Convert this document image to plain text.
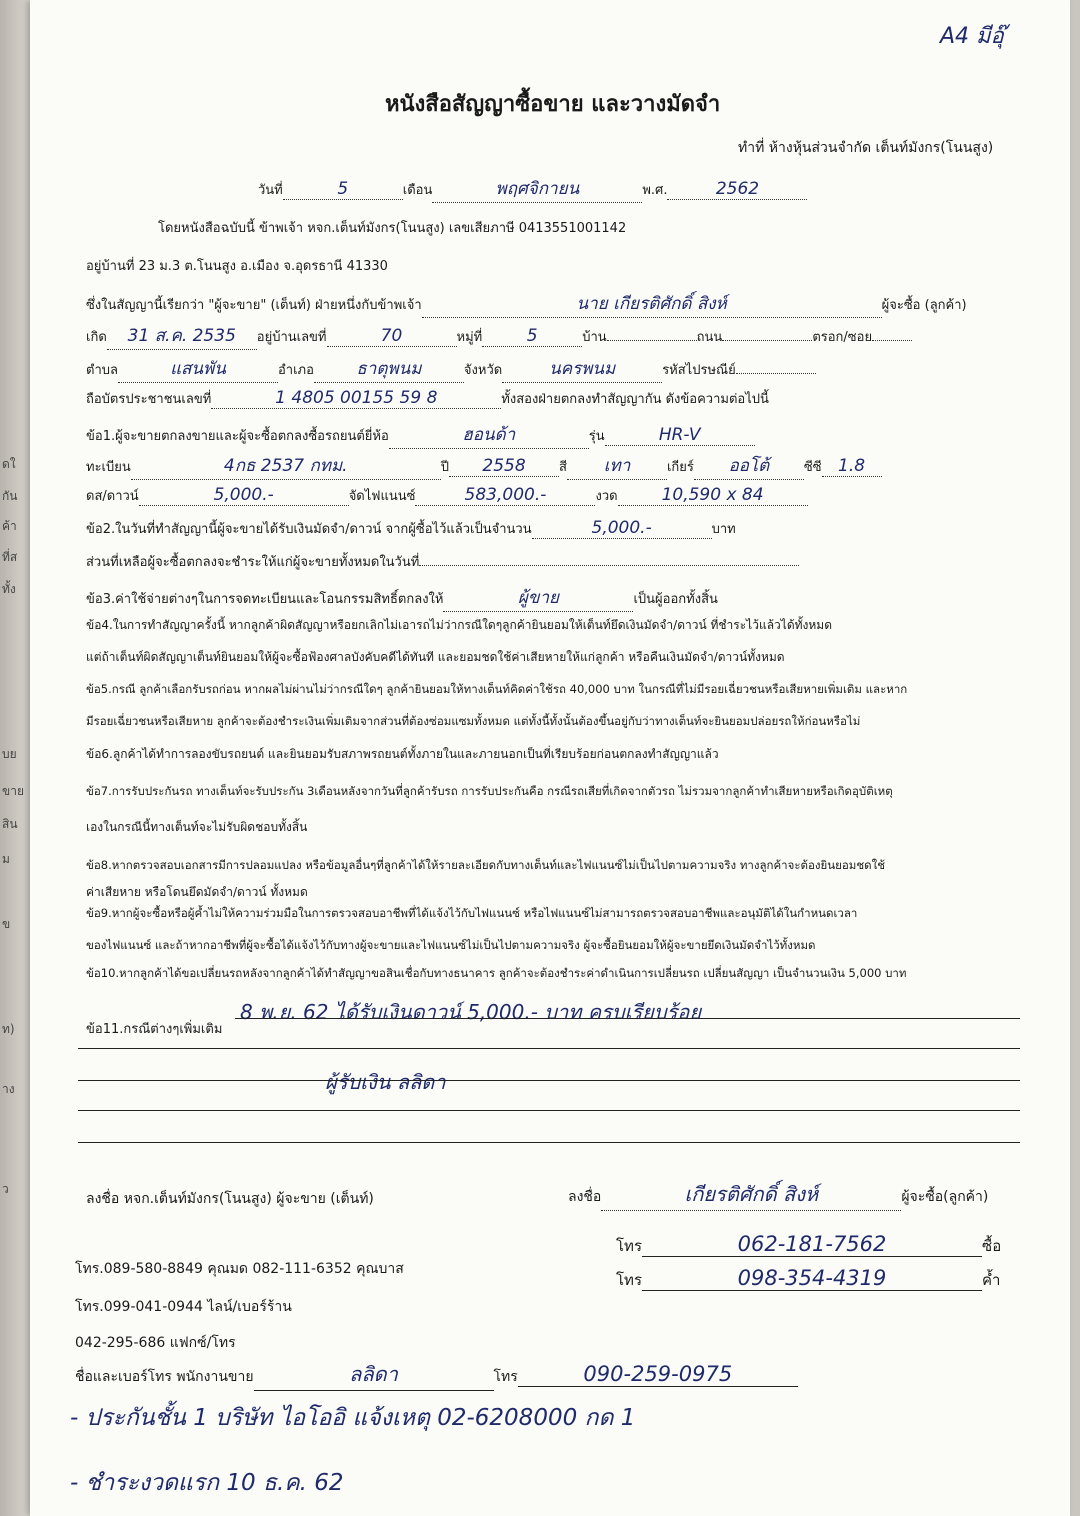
ดใ
กัน
ค้า
ที่ส
ทั้ง
บย
ขาย
สิน
ม
ข
ท)
าง
ว
A4 มีอุ๊
หนังสือสัญญาซื้อขาย และวางมัดจำ
ทำที่ ห้างหุ้นส่วนจำกัด เต็นท์มังกร(โนนสูง)
วันที่	5	เดือน	พฤศจิกายน	พ.ศ.	2562
โดยหนังสือฉบับนี้ ข้าพเจ้า หจก.เต็นท์มังกร(โนนสูง) เลขเสียภาษี 0413551001142
อยู่บ้านที่ 23 ม.3 ต.โนนสูง อ.เมือง จ.อุดรธานี 41330
ซึ่งในสัญญานี้เรียกว่า "ผู้จะขาย" (เต็นท์) ฝ่ายหนึ่งกับข้าพเจ้า	นาย เกียรติศักดิ์ สิงห์	ผู้จะซื้อ (ลูกค้า)
เกิด 31 ส.ค. 2535 อยู่บ้านเลขที่	70	หมู่ที่	5	บ้าน	ถนน	ตรอก/ซอย
ตำบล	แสนพัน	อำเภอ	ธาตุพนม	จังหวัด	นครพนม	รหัสไปรษณีย์
ถือบัตรประชาชนเลขที่	1 4805 00155 59 8	ทั้งสองฝ่ายตกลงทำสัญญากัน ดังข้อความต่อไปนี้
ข้อ1.ผู้จะขายตกลงขายและผู้จะซื้อตกลงซื้อรถยนต์ยี่ห้อ	ฮอนด้า	รุ่น	HR-V
ทะเบียน	4กธ 2537 กทม.	ปี 2558	สี เทา	เกียร์ ออโต้	ซีซี 1.8
ดส/ดาวน์	5,000.-	จัดไฟแนนซ์	583,000.-	งวด	10,590 x 84
ข้อ2.ในวันที่ทำสัญญานี้ผู้จะขายได้รับเงินมัดจำ/ดาวน์ จากผู้ซื้อไว้แล้วเป็นจำนวน	5,000.-	บาท
ส่วนที่เหลือผู้จะซื้อตกลงจะชำระให้แก่ผู้จะขายทั้งหมดในวันที่
ข้อ3.ค่าใช้จ่ายต่างๆในการจดทะเบียนและโอนกรรมสิทธิ์ตกลงให้	ผู้ขาย	เป็นผู้ออกทั้งสิ้น
ข้อ4.ในการทำสัญญาครั้งนี้ หากลูกค้าผิดสัญญาหรือยกเลิกไม่เอารถไม่ว่ากรณีใดๆลูกค้ายินยอมให้เต็นท์ยึดเงินมัดจำ/ดาวน์ ที่ชำระไว้แล้วได้ทั้งหมด
แต่ถ้าเต็นท์ผิดสัญญาเต็นท์ยินยอมให้ผู้จะซื้อฟ้องศาลบังคับคดีได้ทันที และยอมชดใช้ค่าเสียหายให้แก่ลูกค้า หรือคืนเงินมัดจำ/ดาวน์ทั้งหมด
ข้อ5.กรณี ลูกค้าเลือกรับรถก่อน หากผลไม่ผ่านไม่ว่ากรณีใดๆ ลูกค้ายินยอมให้ทางเต็นท์คิดค่าใช้รถ 40,000 บาท ในกรณีที่ไม่มีรอยเฉี่ยวชนหรือเสียหายเพิ่มเติม และหาก
มีรอยเฉี่ยวชนหรือเสียหาย ลูกค้าจะต้องชำระเงินเพิ่มเติมจากส่วนที่ต้องซ่อมแซมทั้งหมด แต่ทั้งนี้ทั้งนั้นต้องขึ้นอยู่กับว่าทางเต็นท์จะยินยอมปล่อยรถให้ก่อนหรือไม่
ข้อ6.ลูกค้าได้ทำการลองขับรถยนต์ และยินยอมรับสภาพรถยนต์ทั้งภายในและภายนอกเป็นที่เรียบร้อยก่อนตกลงทำสัญญาแล้ว
ข้อ7.การรับประกันรถ ทางเต็นท์จะรับประกัน 3เดือนหลังจากวันที่ลูกค้ารับรถ การรับประกันคือ กรณีรถเสียที่เกิดจากตัวรถ ไม่รวมจากลูกค้าทำเสียหายหรือเกิดอุบัติเหตุ
เองในกรณีนี้ทางเต็นท์จะไม่รับผิดชอบทั้งสิ้น
ข้อ8.หากตรวจสอบเอกสารมีการปลอมแปลง หรือข้อมูลอื่นๆที่ลูกค้าได้ให้รายละเอียดกับทางเต็นท์และไฟแนนซ์ไม่เป็นไปตามความจริง ทางลูกค้าจะต้องยินยอมชดใช้
ค่าเสียหาย หรือโดนยึดมัดจำ/ดาวน์ ทั้งหมด
ข้อ9.หากผู้จะซื้อหรือผู้ค้ำไม่ให้ความร่วมมือในการตรวจสอบอาชีพที่ได้แจ้งไว้กับไฟแนนซ์ หรือไฟแนนซ์ไม่สามารถตรวจสอบอาชีพและอนุมัติได้ในกำหนดเวลา
ของไฟแนนซ์ และถ้าหากอาชีพที่ผู้จะซื้อได้แจ้งไว้กับทางผู้จะขายและไฟแนนซ์ไม่เป็นไปตามความจริง ผู้จะซื้อยินยอมให้ผู้จะขายยึดเงินมัดจำไว้ทั้งหมด
ข้อ10.หากลูกค้าได้ขอเปลี่ยนรถหลังจากลูกค้าได้ทำสัญญาขอสินเชื่อกับทางธนาคาร ลูกค้าจะต้องชำระค่าดำเนินการเปลี่ยนรถ เปลี่ยนสัญญา เป็นจำนวนเงิน 5,000 บาท
ข้อ11.กรณีต่างๆเพิ่มเติม
8 พ.ย. 62 ได้รับเงินดาวน์ 5,000.- บาท ครบเรียบร้อย
ผู้รับเงิน ลลิดา
ลงชื่อ หจก.เต็นท์มังกร(โนนสูง) ผู้จะขาย (เต็นท์)	ลงชื่อ	เกียรติศักดิ์ สิงห์	ผู้จะซื้อ(ลูกค้า)
โทร.089-580-8849 คุณมด 082-111-6352 คุณบาส
โทร.099-041-0944 ไลน์/เบอร์ร้าน
042-295-686 แฟกซ์/โทร
โทร	062-181-7562	ซื้อ
โทร	098-354-4319	ค้ำ
ชื่อและเบอร์โทร พนักงานขาย	ลลิดา	โทร	090-259-0975
- ประกันชั้น 1 บริษัท ไอโออิ แจ้งเหตุ 02-6208000 กด 1
- ชำระงวดแรก 10 ธ.ค. 62
